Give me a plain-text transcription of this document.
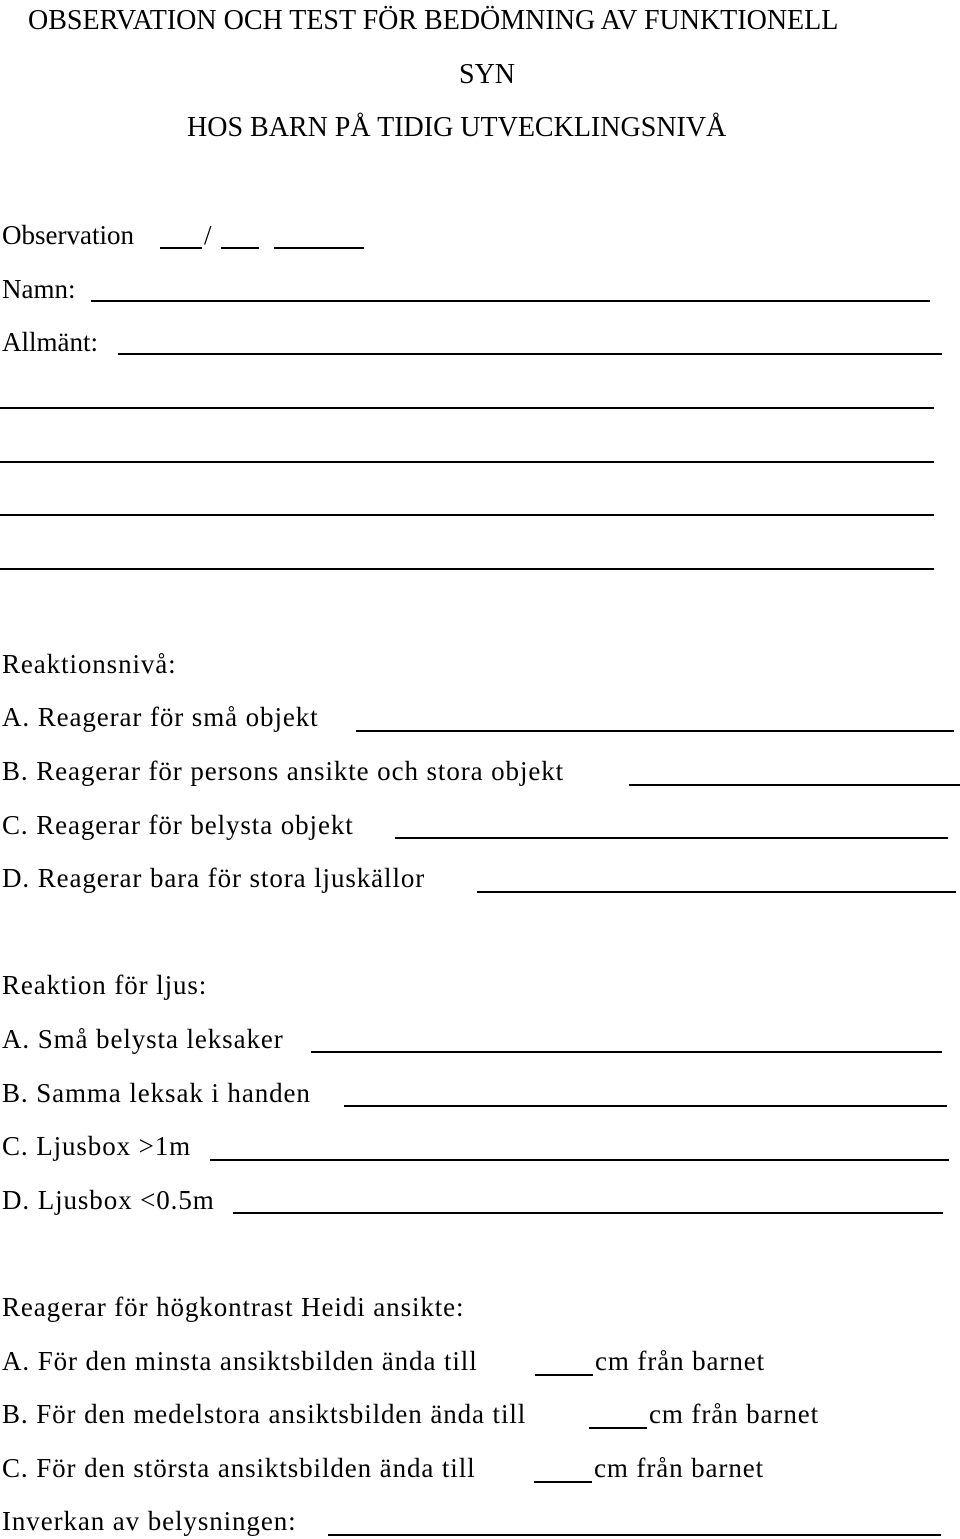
OBSERVATION OCH TEST FÖR BEDÖMNING AV FUNKTIONELL
SYN
HOS BARN PÅ TIDIG UTVECKLINGSNIVÅ
Observation	/
Namn:
Allmänt:
Reaktionsnivå:
A. Reagerar för små objekt
B. Reagerar för persons ansikte och stora objekt
C. Reagerar för belysta objekt
D. Reagerar bara för stora ljuskällor
Reaktion för ljus:
A. Små belysta leksaker
B. Samma leksak i handen
C. Ljusbox >1m
D. Ljusbox <0.5m
Reagerar för högkontrast Heidi ansikte:
A. För den minsta ansiktsbilden ända till	cm från barnet
B. För den medelstora ansiktsbilden ända till	cm från barnet
C. För den största ansiktsbilden ända till	cm från barnet
Inverkan av belysningen:
